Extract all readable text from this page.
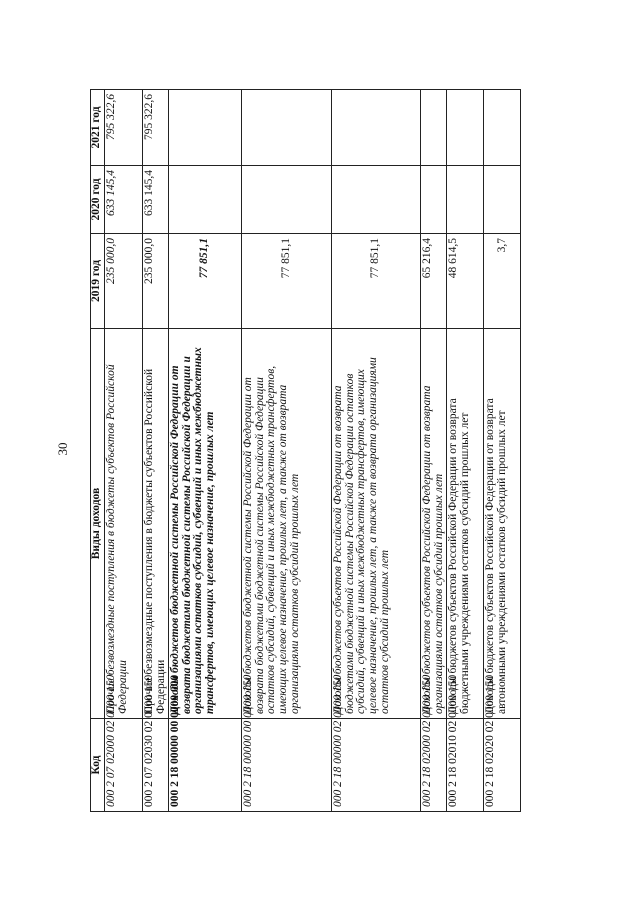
30
Код	Виды доходов	2019 год	2020 год	2021 год
000 2 07 02000 02 0000 150	Прочие безвозмездные поступления в бюджеты субъектов Российской Федерации	235 000,0	633 145,4	795 322,6
000 2 07 02030 02 0000 150	Прочие безвозмездные поступления в бюджеты субъектов Российской Федерации	235 000,0	633 145,4	795 322,6
000 2 18 00000 00 0000 000	Доходы бюджетов бюджетной системы Российской Федерации от возврата бюджетами бюджетной системы Российской Федерации и организациями остатков субсидий, субвенций и иных межбюджетных трансфертов, имеющих целевое назначение, прошлых лет	77 851,1		
000 2 18 00000 00 0000 150	Доходы бюджетов бюджетной системы Российской Федерации от возврата бюджетами бюджетной системы Российской Федерации остатков субсидий, субвенций и иных межбюджетных трансфертов, имеющих целевое назначение, прошлых лет, а также от возврата организациями остатков субсидий прошлых лет	77 851,1		
000 2 18 00000 02 0000 150	Доходы бюджетов субъектов Российской Федерации от возврата бюджетами бюджетной системы Российской Федерации остатков субсидий, субвенций и иных межбюджетных трансфертов, имеющих целевое назначение, прошлых лет, а также от возврата организациями остатков субсидий прошлых лет	77 851,1		
000 2 18 02000 02 0000 150	Доходы бюджетов субъектов Российской Федерации от возврата организациями остатков субсидий прошлых лет	65 216,4		
000 2 18 02010 02 0000 150	Доходы бюджетов субъектов Российской Федерации от возврата бюджетными учреждениями остатков субсидий прошлых лет	48 614,5		
000 2 18 02020 02 0000 150	Доходы бюджетов субъектов Российской Федерации от возврата автономными учреждениями остатков субсидий прошлых лет	3,7		
